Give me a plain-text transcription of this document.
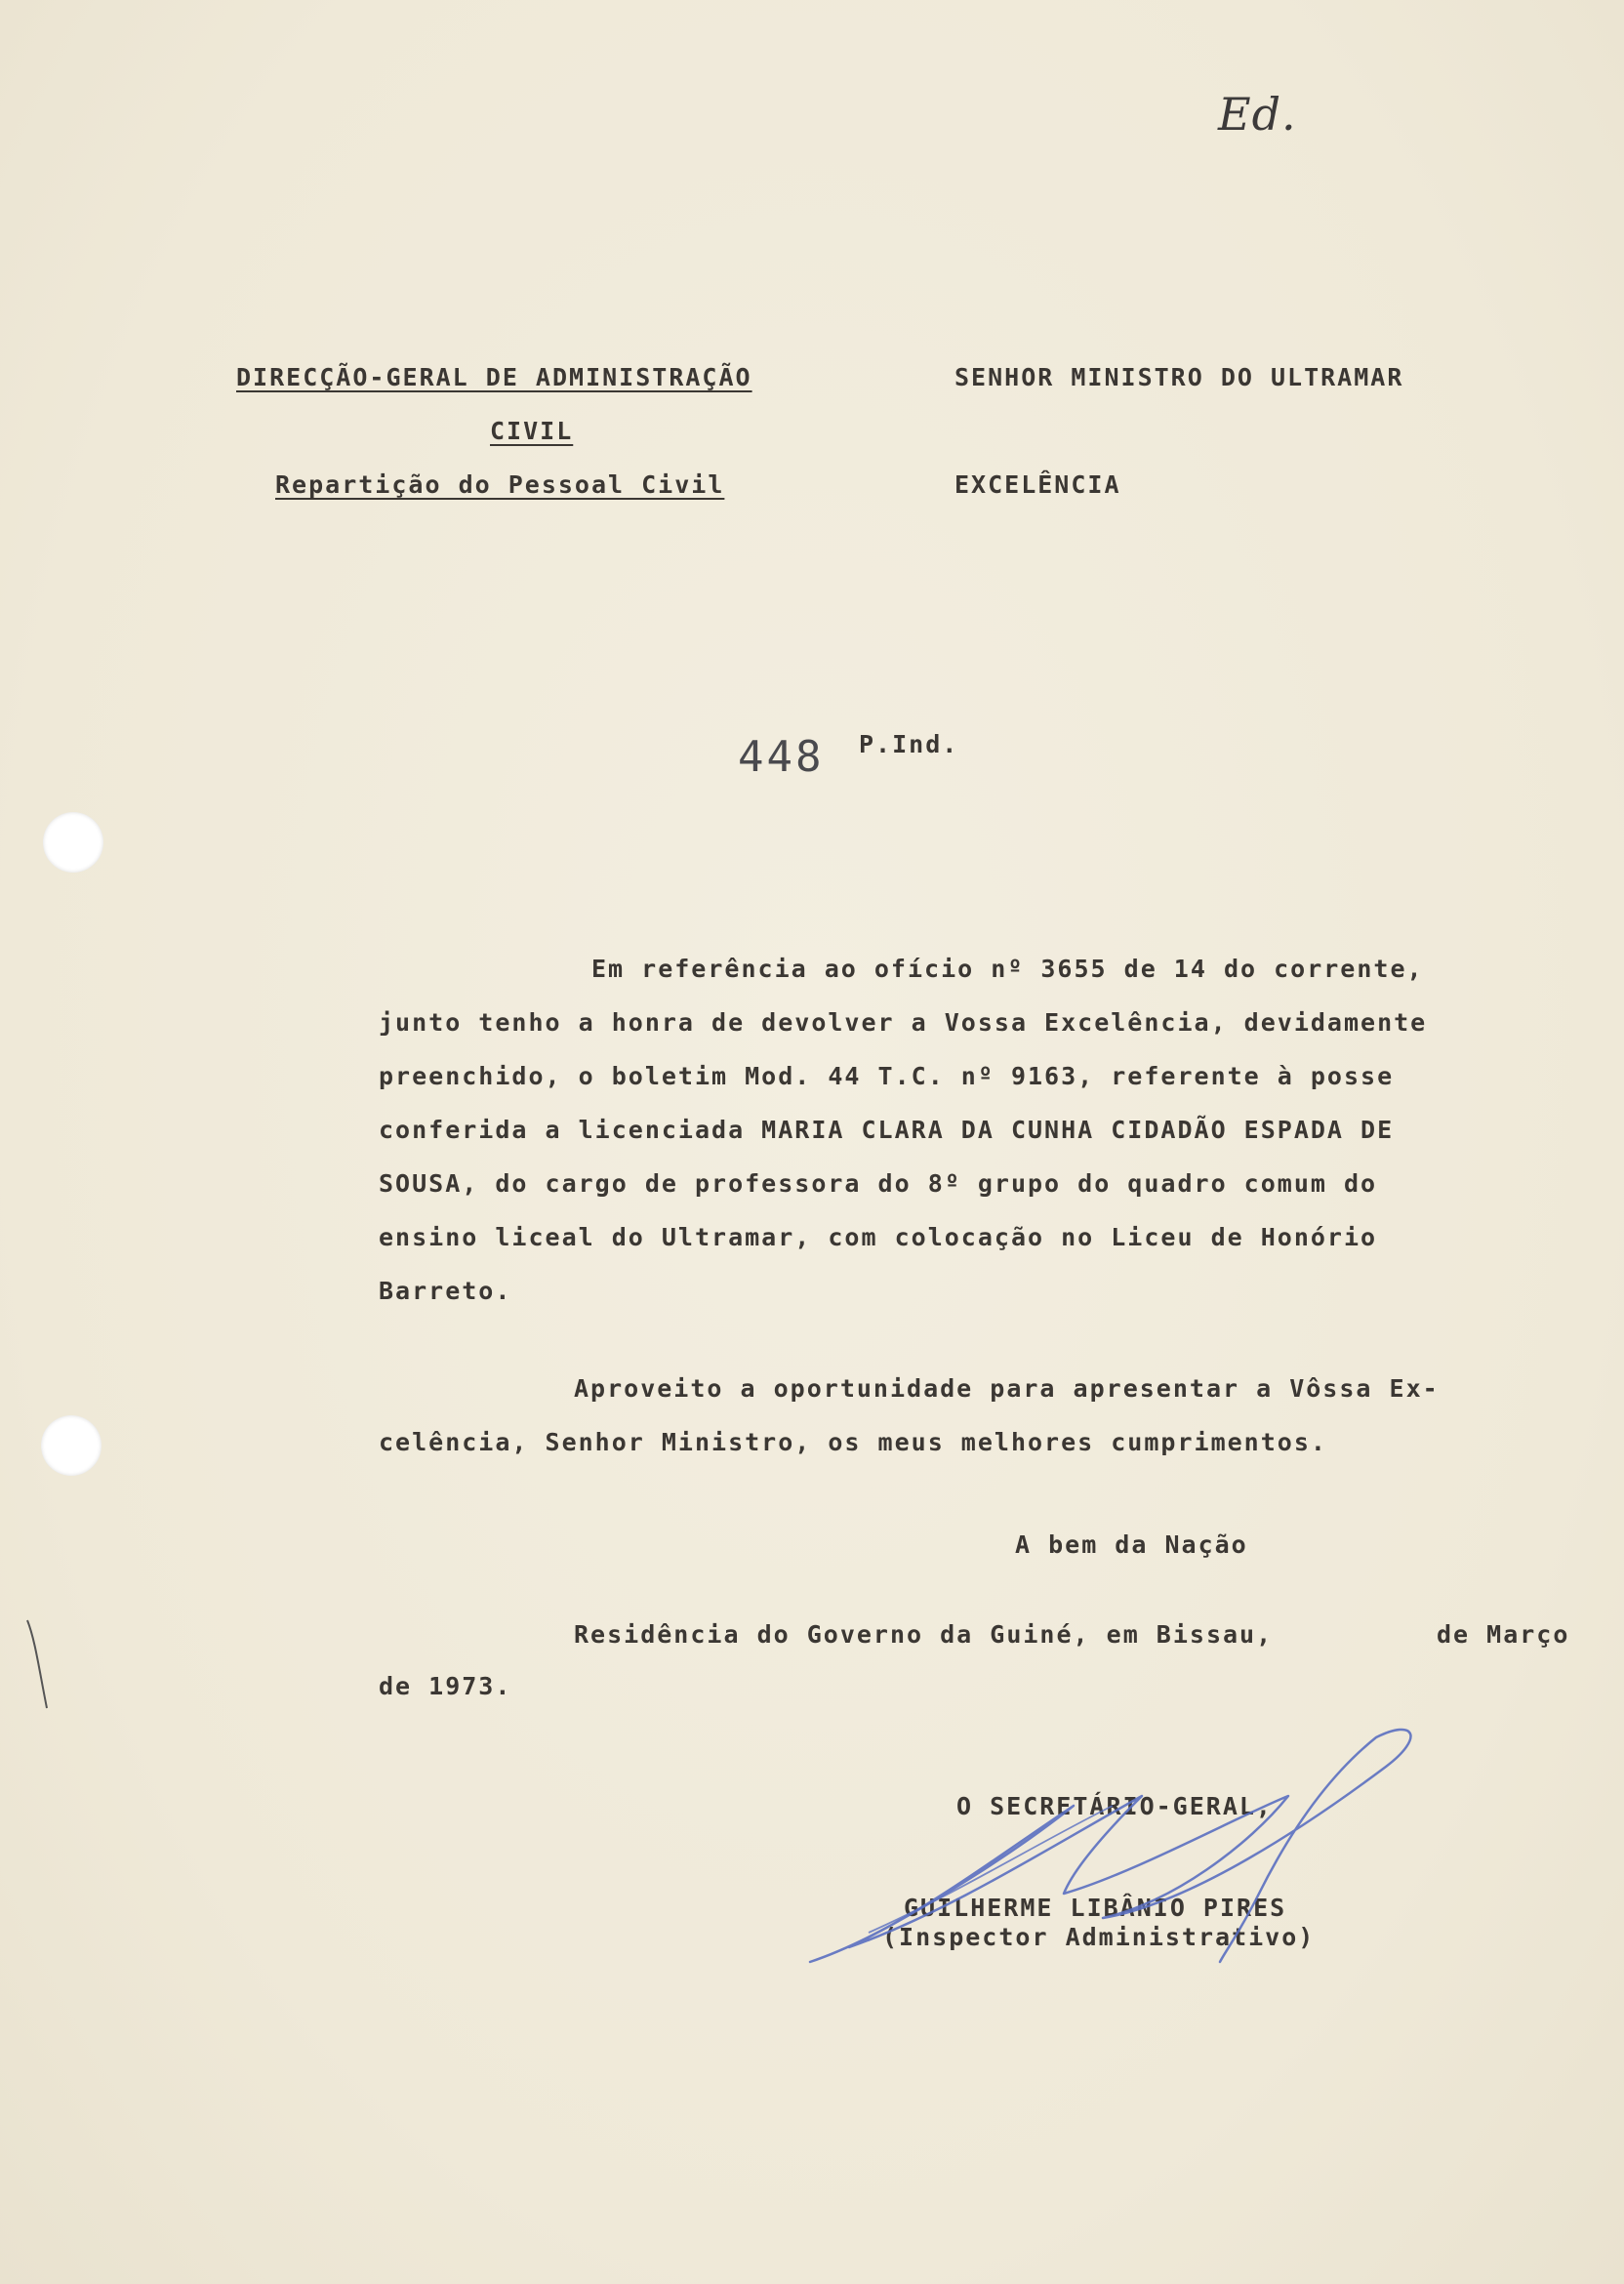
Ed.
DIRECÇÃO-GERAL DE ADMINISTRAÇÃO
CIVIL
Repartição do Pessoal Civil
SENHOR MINISTRO DO ULTRAMAR
EXCELÊNCIA
448 P.Ind.
Em referência ao ofício nº 3655 de 14 do corrente,
junto tenho a honra de devolver a Vossa Excelência, devidamente
preenchido, o boletim Mod. 44 T.C. nº 9163, referente à posse
conferida a licenciada MARIA CLARA DA CUNHA CIDADÃO ESPADA DE
SOUSA, do cargo de professora do 8º grupo do quadro comum do
ensino liceal do Ultramar, com colocação no Liceu de Honório
Barreto.
Aproveito a oportunidade para apresentar a Vôssa Ex-
celência, Senhor Ministro, os meus melhores cumprimentos.
A bem da Nação
Residência do Governo da Guiné, em Bissau,	de Março
de 1973.
O SECRETÁRIO-GERAL,
GUILHERME LIBÂNIO PIRES
(Inspector Administrativo)
